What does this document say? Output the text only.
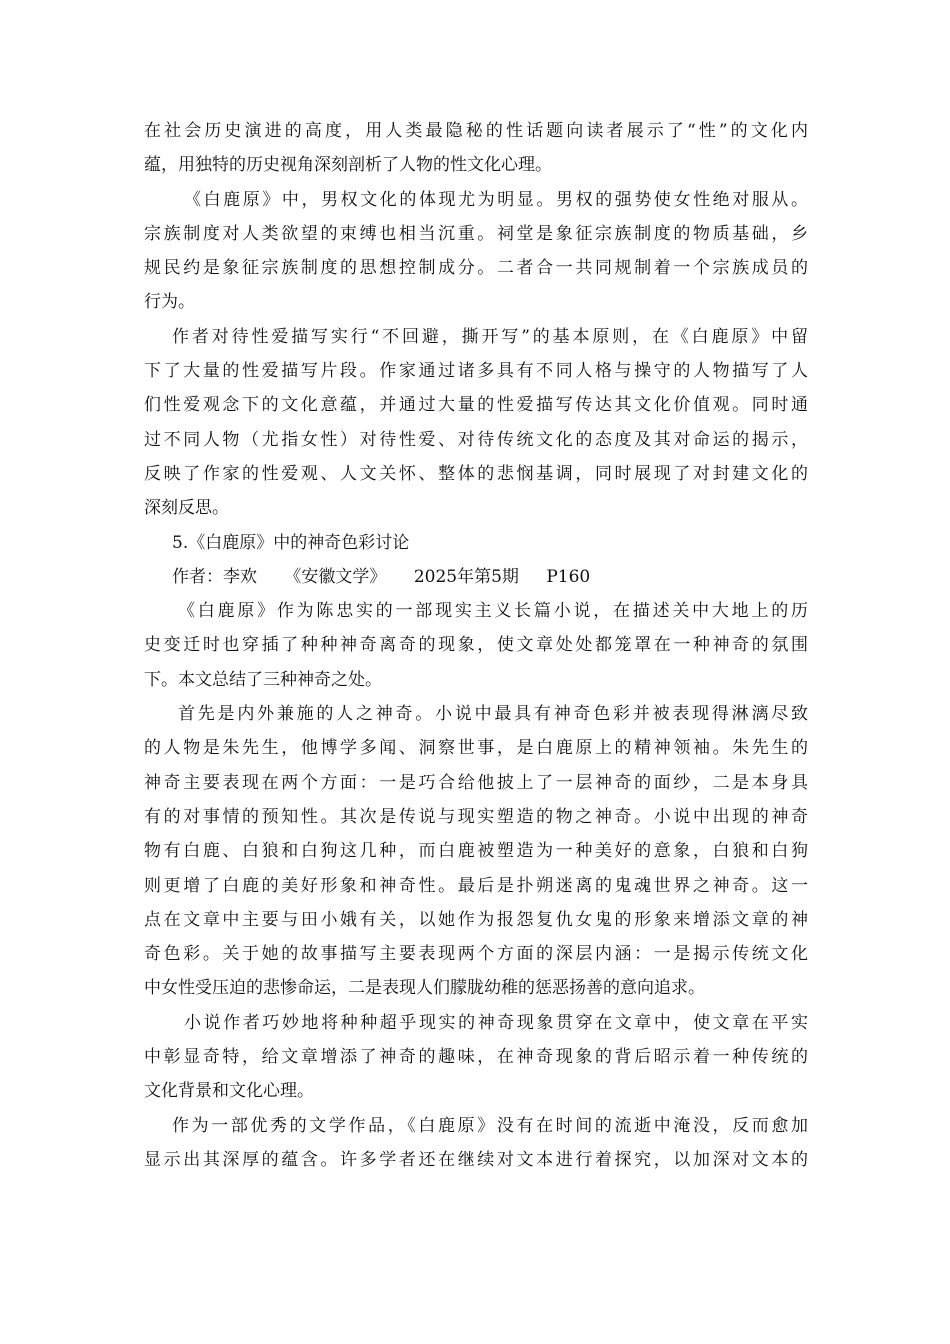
在社会历史演进的高度，用人类最隐秘的性话题向读者展示了“性”的文化内
蕴，用独特的历史视角深刻剖析了人物的性文化心理。
《白鹿原》中，男权文化的体现尤为明显。男权的强势使女性绝对服从。
宗族制度对人类欲望的束缚也相当沉重。祠堂是象征宗族制度的物质基础，乡
规民约是象征宗族制度的思想控制成分。二者合一共同规制着一个宗族成员的
行为。
作者对待性爱描写实行“不回避，撕开写”的基本原则，在《白鹿原》中留
下了大量的性爱描写片段。作家通过诸多具有不同人格与操守的人物描写了人
们性爱观念下的文化意蕴，并通过大量的性爱描写传达其文化价值观。同时通
过不同人物（尤指女性）对待性爱、对待传统文化的态度及其对命运的揭示，
反映了作家的性爱观、人文关怀、整体的悲悯基调，同时展现了对封建文化的
深刻反思。
5.《白鹿原》中的神奇色彩讨论
作者：李欢 《安徽文学》 2025年第5期 P160
《白鹿原》作为陈忠实的一部现实主义长篇小说，在描述关中大地上的历
史变迁时也穿插了种种神奇离奇的现象，使文章处处都笼罩在一种神奇的氛围
下。本文总结了三种神奇之处。
首先是内外兼施的人之神奇。小说中最具有神奇色彩并被表现得淋漓尽致
的人物是朱先生，他博学多闻、洞察世事，是白鹿原上的精神领袖。朱先生的
神奇主要表现在两个方面：一是巧合给他披上了一层神奇的面纱，二是本身具
有的对事情的预知性。其次是传说与现实塑造的物之神奇。小说中出现的神奇
物有白鹿、白狼和白狗这几种，而白鹿被塑造为一种美好的意象，白狼和白狗
则更增了白鹿的美好形象和神奇性。最后是扑朔迷离的鬼魂世界之神奇。这一
点在文章中主要与田小娥有关，以她作为报怨复仇女鬼的形象来增添文章的神
奇色彩。关于她的故事描写主要表现两个方面的深层内涵：一是揭示传统文化
中女性受压迫的悲惨命运，二是表现人们朦胧幼稚的惩恶扬善的意向追求。
小说作者巧妙地将种种超乎现实的神奇现象贯穿在文章中，使文章在平实
中彰显奇特，给文章增添了神奇的趣味，在神奇现象的背后昭示着一种传统的
文化背景和文化心理。
作为一部优秀的文学作品，《白鹿原》没有在时间的流逝中淹没，反而愈加
显示出其深厚的蕴含。许多学者还在继续对文本进行着探究，以加深对文本的
